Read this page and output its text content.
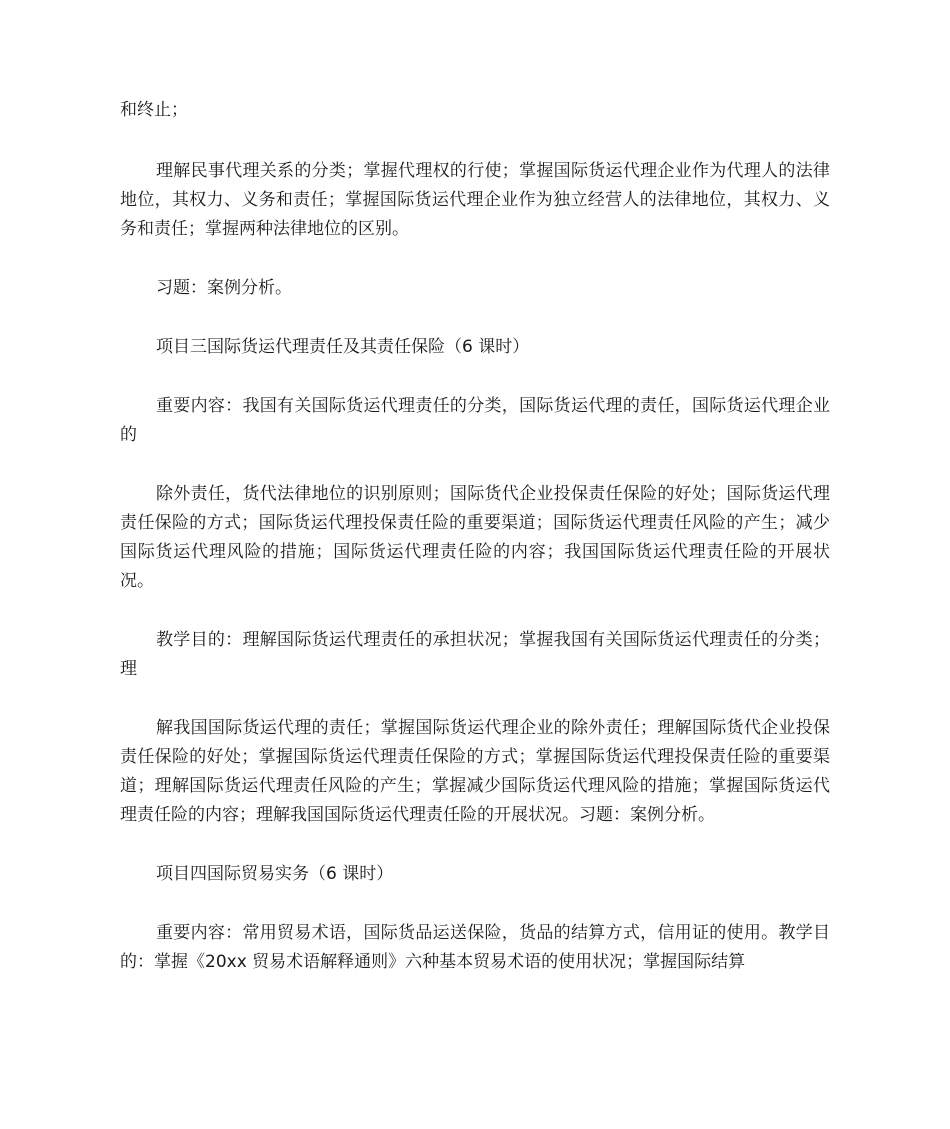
和终止；

理解民事代理关系的分类；掌握代理权的行使；掌握国际货运代理企业作为代理人的法律地位，其权力、义务和责任；掌握国际货运代理企业作为独立经营人的法律地位，其权力、义务和责任；掌握两种法律地位的区别。

习题：案例分析。

项目三国际货运代理责任及其责任保险（6 课时）

重要内容：我国有关国际货运代理责任的分类，国际货运代理的责任，国际货运代理企业的

除外责任，货代法律地位的识别原则；国际货代企业投保责任保险的好处；国际货运代理责任保险的方式；国际货运代理投保责任险的重要渠道；国际货运代理责任风险的产生；减少国际货运代理风险的措施；国际货运代理责任险的内容；我国国际货运代理责任险的开展状况。

教学目的：理解国际货运代理责任的承担状况；掌握我国有关国际货运代理责任的分类；理

解我国国际货运代理的责任；掌握国际货运代理企业的除外责任；理解国际货代企业投保责任保险的好处；掌握国际货运代理责任保险的方式；掌握国际货运代理投保责任险的重要渠道；理解国际货运代理责任风险的产生；掌握减少国际货运代理风险的措施；掌握国际货运代理责任险的内容；理解我国国际货运代理责任险的开展状况。习题：案例分析。

项目四国际贸易实务（6 课时）

重要内容：常用贸易术语，国际货品运送保险，货品的结算方式，信用证的使用。教学目的：掌握《20xx 贸易术语解释通则》六种基本贸易术语的使用状况；掌握国际结算
